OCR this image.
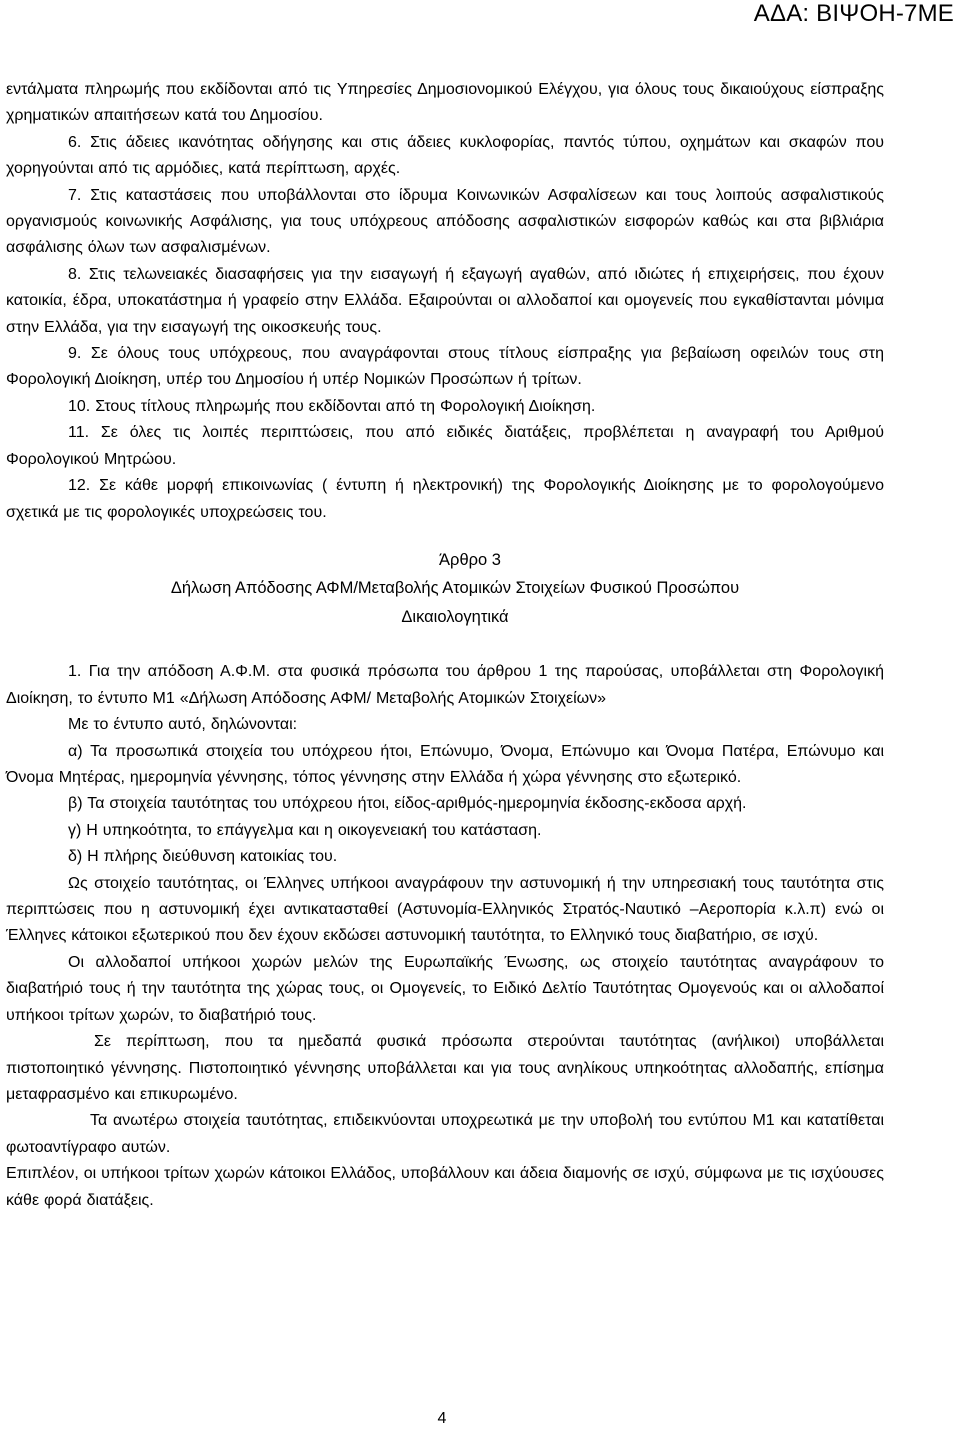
ΑΔΑ: ΒΙΨΟΗ-7ΜΕ

εντάλματα πληρωμής που εκδίδονται από τις Υπηρεσίες Δημοσιονομικού Ελέγχου, για όλους τους δικαιούχους είσπραξης χρηματικών απαιτήσεων κατά του Δημοσίου.

6. Στις άδειες ικανότητας οδήγησης και στις άδειες κυκλοφορίας, παντός τύπου, οχημάτων και σκαφών που χορηγούνται από τις αρμόδιες, κατά περίπτωση, αρχές.

7. Στις καταστάσεις που υποβάλλονται στο ίδρυμα Κοινωνικών Ασφαλίσεων και τους λοιπούς ασφαλιστικούς οργανισμούς κοινωνικής Ασφάλισης, για τους υπόχρεους απόδοσης ασφαλιστικών εισφορών καθώς και στα βιβλιάρια ασφάλισης όλων των ασφαλισμένων.

8. Στις τελωνειακές διασαφήσεις για την εισαγωγή ή εξαγωγή αγαθών, από ιδιώτες ή επιχειρήσεις, που έχουν κατοικία, έδρα, υποκατάστημα ή γραφείο στην Ελλάδα. Εξαιρούνται οι αλλοδαποί και ομογενείς που εγκαθίστανται μόνιμα στην Ελλάδα, για την εισαγωγή της οικοσκευής τους.

9. Σε όλους τους υπόχρεους, που αναγράφονται στους τίτλους είσπραξης για βεβαίωση οφειλών τους στη Φορολογική Διοίκηση, υπέρ του Δημοσίου ή υπέρ Νομικών Προσώπων ή τρίτων.

10. Στους τίτλους πληρωμής που εκδίδονται από τη Φορολογική Διοίκηση.

11. Σε όλες τις λοιπές περιπτώσεις, που από ειδικές διατάξεις, προβλέπεται η αναγραφή του Αριθμού Φορολογικού Μητρώου.

12. Σε κάθε μορφή επικοινωνίας ( έντυπη ή ηλεκτρονική) της Φορολογικής Διοίκησης με το φορολογούμενο σχετικά με τις φορολογικές υποχρεώσεις του.

Άρθρο 3

Δήλωση Απόδοσης ΑΦΜ/Μεταβολής Ατομικών Στοιχείων Φυσικού Προσώπου

Δικαιολογητικά

1. Για την απόδοση Α.Φ.Μ. στα φυσικά πρόσωπα του άρθρου 1 της παρούσας, υποβάλλεται στη Φορολογική Διοίκηση, το έντυπο Μ1 «Δήλωση Απόδοσης ΑΦΜ/ Μεταβολής Ατομικών Στοιχείων»

Με το έντυπο αυτό, δηλώνονται:

α) Τα προσωπικά στοιχεία του υπόχρεου ήτοι, Επώνυμο, Όνομα, Επώνυμο και Όνομα Πατέρα, Επώνυμο και Όνομα Μητέρας, ημερομηνία γέννησης, τόπος γέννησης στην Ελλάδα ή χώρα γέννησης στο εξωτερικό.

β) Τα στοιχεία ταυτότητας του υπόχρεου ήτοι, είδος-αριθμός-ημερομηνία έκδοσης-εκδοσα αρχή.

γ) Η υπηκοότητα, το επάγγελμα και η οικογενειακή του κατάσταση.

δ) Η πλήρης διεύθυνση κατοικίας του.

Ως στοιχείο ταυτότητας, οι Έλληνες υπήκοοι αναγράφουν την αστυνομική ή την υπηρεσιακή τους ταυτότητα στις περιπτώσεις που η αστυνομική έχει αντικατασταθεί (Αστυνομία-Ελληνικός Στρατός-Ναυτικό –Αεροπορία κ.λ.π) ενώ οι Έλληνες κάτοικοι εξωτερικού που δεν έχουν εκδώσει αστυνομική ταυτότητα, το Ελληνικό τους διαβατήριο, σε ισχύ.

Οι αλλοδαποί υπήκοοι χωρών μελών της Ευρωπαϊκής Ένωσης, ως στοιχείο ταυτότητας αναγράφουν το διαβατήριό τους ή την ταυτότητα της χώρας τους, οι Ομογενείς, το Ειδικό Δελτίο Ταυτότητας Ομογενούς και οι αλλοδαποί υπήκοοι τρίτων χωρών, το διαβατήριό τους.

Σε περίπτωση, που τα ημεδαπά φυσικά πρόσωπα στερούνται ταυτότητας (ανήλικοι) υποβάλλεται πιστοποιητικό γέννησης. Πιστοποιητικό γέννησης υποβάλλεται και για τους ανηλίκους υπηκοότητας αλλοδαπής, επίσημα μεταφρασμένο και επικυρωμένο.

Τα ανωτέρω στοιχεία ταυτότητας, επιδεικνύονται υποχρεωτικά με την υποβολή του εντύπου Μ1 και κατατίθεται φωτοαντίγραφο αυτών.

Επιπλέον, οι υπήκοοι τρίτων χωρών κάτοικοι Ελλάδος, υποβάλλουν και άδεια διαμονής σε ισχύ, σύμφωνα με τις ισχύουσες κάθε φορά διατάξεις.

4
